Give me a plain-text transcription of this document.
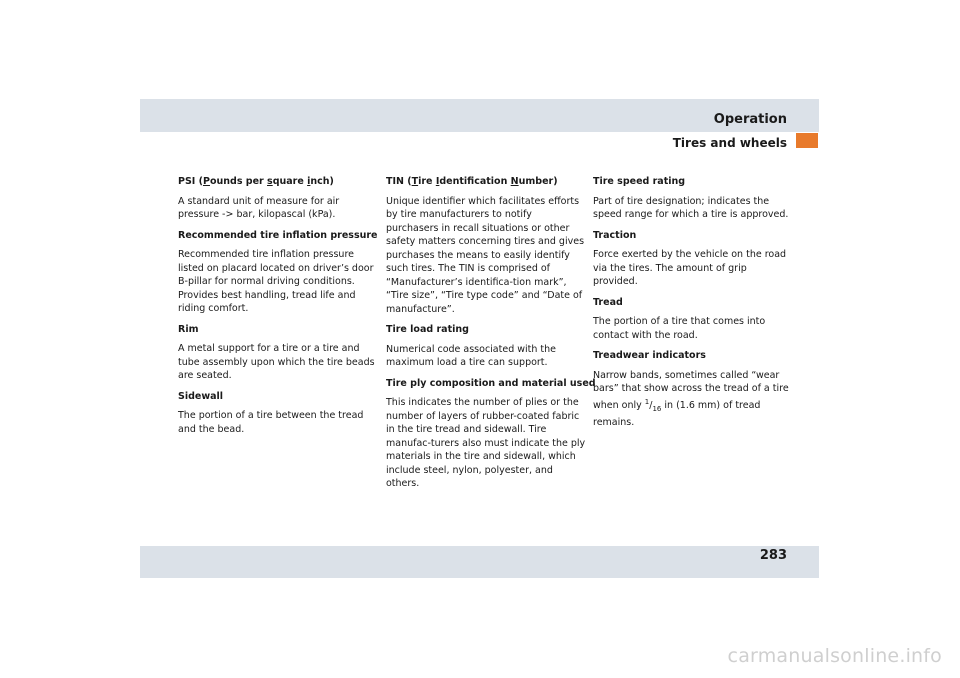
Operation
Tires and wheels

PSI (Pounds per square inch)

A standard unit of measure for air pressure -> bar, kilopascal (kPa).

Recommended tire inflation pressure

Recommended tire inflation pressure listed on placard located on driver’s door B-pillar for normal driving conditions. Provides best handling, tread life and riding comfort.

Rim

A metal support for a tire or a tire and tube assembly upon which the tire beads are seated.

Sidewall

The portion of a tire between the tread and the bead.

TIN (Tire Identification Number)

Unique identifier which facilitates efforts by tire manufacturers to notify purchasers in recall situations or other safety matters concerning tires and gives purchases the means to easily identify such tires. The TIN is comprised of “Manufacturer’s identifica-tion mark”, “Tire size”, “Tire type code” and “Date of manufacture”.

Tire load rating

Numerical code associated with the maximum load a tire can support.

Tire ply composition and material used

This indicates the number of plies or the number of layers of rubber-coated fabric in the tire tread and sidewall. Tire manufac-turers also must indicate the ply materials in the tire and sidewall, which include steel, nylon, polyester, and others.

Tire speed rating

Part of tire designation; indicates the speed range for which a tire is approved.

Traction

Force exerted by the vehicle on the road via the tires. The amount of grip provided.

Tread

The portion of a tire that comes into contact with the road.

Treadwear indicators

Narrow bands, sometimes called “wear bars” that show across the tread of a tire when only $^1/_{16}$ in (1.6 mm) of tread remains.

283
carmanualsonline.info
